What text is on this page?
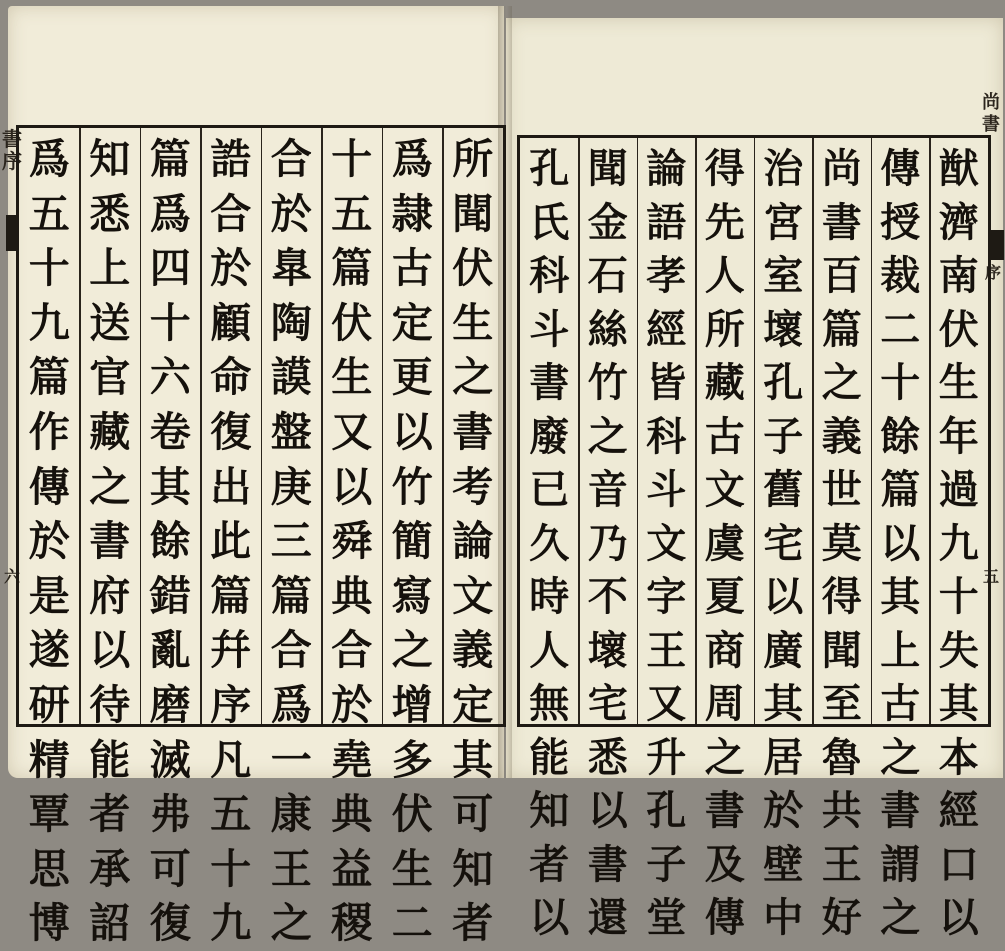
書序
六
尚書
序
五
所
聞
伏
生
之
書
考
論
文
義
定
其
可
知
者
爲
隷
古
定
更
以
竹
簡
寫
之
增
多
伏
生
二
十
五
篇
伏
生
又
以
舜
典
合
於
堯
典
益
稷
合
於
臯
陶
謨
盤
庚
三
篇
合
爲
一
康
王
之
誥
合
於
顧
命
復
出
此
篇
幷
序
凡
五
十
九
篇
爲
四
十
六
卷
其
餘
錯
亂
磨
滅
弗
可
復
知
悉
上
送
官
藏
之
書
府
以
待
能
者
承
詔
爲
五
十
九
篇
作
傳
於
是
遂
研
精
覃
思
博
猷
濟
南
伏
生
年
過
九
十
失
其
本
經
口
以
傳
授
裁
二
十
餘
篇
以
其
上
古
之
書
謂
之
尚
書
百
篇
之
義
世
莫
得
聞
至
魯
共
王
好
治
宮
室
壞
孔
子
舊
宅
以
廣
其
居
於
壁
中
得
先
人
所
藏
古
文
虞
夏
商
周
之
書
及
傳
論
語
孝
經
皆
科
斗
文
字
王
又
升
孔
子
堂
聞
金
石
絲
竹
之
音
乃
不
壞
宅
悉
以
書
還
孔
氏
科
斗
書
廢
已
久
時
人
無
能
知
者
以
